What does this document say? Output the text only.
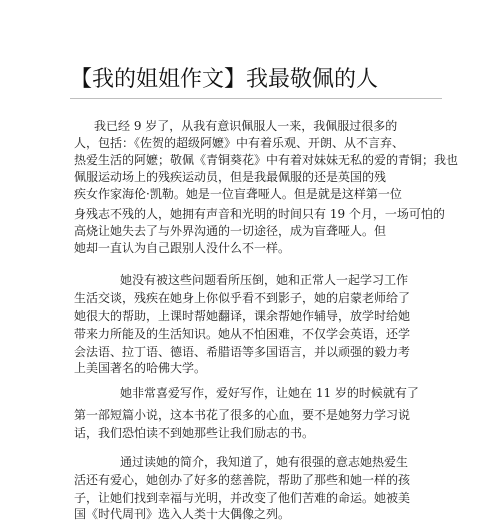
【我的姐姐作文】我最敬佩的人
我已经 9 岁了，从我有意识佩服人一来，我佩服过很多的
人，包括：《佐贺的超级阿嬷》中有着乐观、开朗、从不言弃、
热爱生活的阿嬷；敬佩《青铜葵花》中有着对妹妹无私的爱的青铜；我也
佩服运动场上的残疾运动员，但是我最佩服的还是英国的残
疾女作家海伦·凯勒。她是一位盲聋哑人。但是就是这样第一位
身残志不残的人，她拥有声音和光明的时间只有 19 个月，一场可怕的
高烧让她失去了与外界沟通的一切途径，成为盲聋哑人。但
她却一直认为自己跟别人没什么不一样。
她没有被这些问题看所压倒，她和正常人一起学习工作
生活交谈，残疾在她身上你似乎看不到影子，她的启蒙老师给了
她很大的帮助，上课时帮她翻译，课余帮她作辅导，放学时给她
带来力所能及的生活知识。她从不怕困难，不仅学会英语，还学
会法语、拉丁语、德语、希腊语等多国语言，并以顽强的毅力考
上美国著名的哈佛大学。
她非常喜爱写作，爱好写作，让她在 11 岁的时候就有了
第一部短篇小说，这本书花了很多的心血，要不是她努力学习说
话，我们恐怕读不到她那些让我们励志的书。
通过读她的简介，我知道了，她有很强的意志她热爱生
活还有爱心，她创办了好多的慈善院，帮助了那些和她一样的孩
子，让她们找到幸福与光明，并改变了他们苦难的命运。她被美
国《时代周刊》选入人类十大偶像之列。
